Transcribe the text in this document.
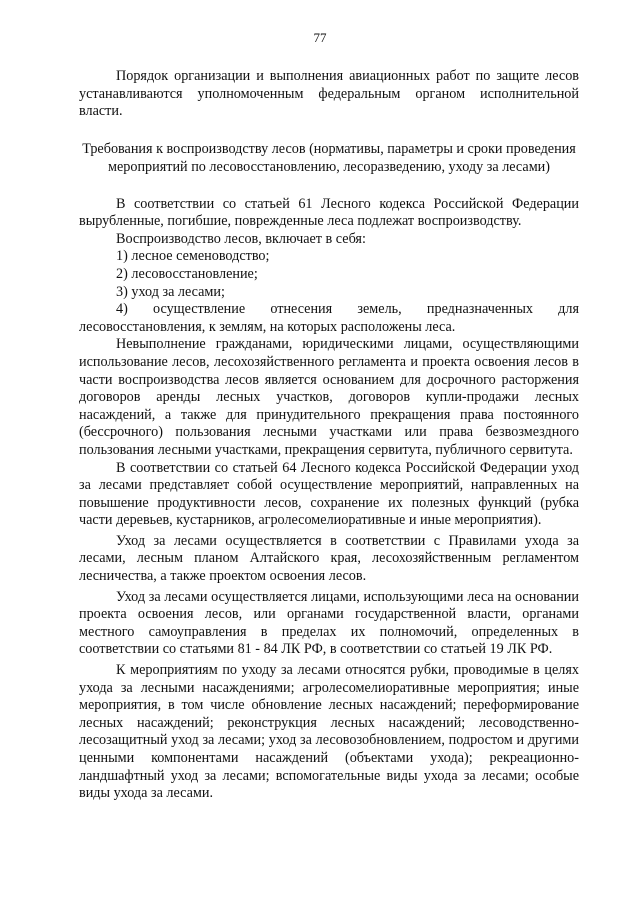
77

Порядок организации и выполнения авиационных работ по защите лесов устанавливаются уполномоченным федеральным органом исполнительной власти.

Требования к воспроизводству лесов (нормативы, параметры и сроки проведения мероприятий по лесовосстановлению, лесоразведению, уходу за лесами)

В соответствии со статьей 61 Лесного кодекса Российской Федерации вырубленные, погибшие, поврежденные леса подлежат воспроизводству.

Воспроизводство лесов, включает в себя:

1) лесное семеноводство;

2) лесовосстановление;

3) уход за лесами;

4) осуществление отнесения земель, предназначенных для лесовосстановления, к землям, на которых расположены леса.

Невыполнение гражданами, юридическими лицами, осуществляющими использование лесов, лесохозяйственного регламента и проекта освоения лесов в части воспроизводства лесов является основанием для досрочного расторжения договоров аренды лесных участков, договоров купли-продажи лесных насаждений, а также для принудительного прекращения права постоянного (бессрочного) пользования лесными участками или права безвозмездного пользования лесными участками, прекращения сервитута, публичного сервитута.

В соответствии со статьей 64 Лесного кодекса Российской Федерации уход за лесами представляет собой осуществление мероприятий, направленных на повышение продуктивности лесов, сохранение их полезных функций (рубка части деревьев, кустарников, агролесомелиоративные и иные мероприятия).

Уход за лесами осуществляется в соответствии с Правилами ухода за лесами, лесным планом Алтайского края, лесохозяйственным регламентом лесничества, а также проектом освоения лесов.

Уход за лесами осуществляется лицами, использующими леса на основании проекта освоения лесов, или органами государственной власти, органами местного самоуправления в пределах их полномочий, определенных в соответствии со статьями 81 - 84 ЛК РФ, в соответствии со статьей 19 ЛК РФ.

К мероприятиям по уходу за лесами относятся рубки, проводимые в целях ухода за лесными насаждениями; агролесомелиоративные мероприятия; иные мероприятия, в том числе обновление лесных насаждений; переформирование лесных насаждений; реконструкция лесных насаждений; лесоводственно-лесозащитный уход за лесами; уход за лесовозобновлением, подростом и другими ценными компонентами насаждений (объектами ухода); рекреационно-ландшафтный уход за лесами; вспомогательные виды ухода за лесами; особые виды ухода за лесами.
